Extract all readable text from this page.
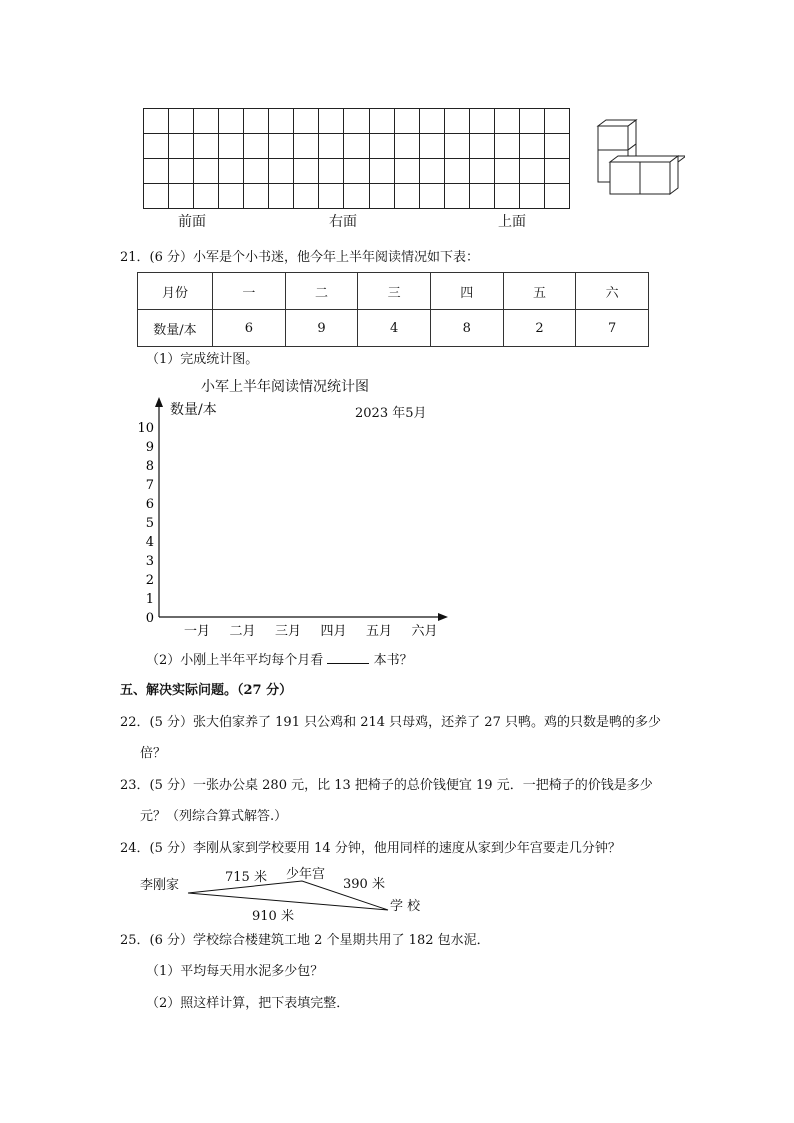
前面	右面	上面
21．(6 分）小军是个小书迷，他今年上半年阅读情况如下表：
月份	一	二	三	四	五	六
数量/本	6	9	4	8	2	7
（1）完成统计图。
小军上半年阅读情况统计图
数量/本	2023 年5月
0
1
2
3
4
5
6
7
8
9
10
一月 二月 三月 四月 五月 六月
（2）小刚上半年平均每个月看	本书？
五、解决实际问题。（27 分）
22．(5 分）张大伯家养了 191 只公鸡和 214 只母鸡，还养了 27 只鸭。鸡的只数是鸭的多少
倍？
23．(5 分）一张办公桌 280 元，比 13 把椅子的总价钱便宜 19 元．一把椅子的价钱是多少
元？（列综合算式解答.）
24．(5 分）李刚从家到学校要用 14 分钟，他用同样的速度从家到少年宫要走几分钟？
李刚家
少年宫
学 校
715 米	390 米
910 米
25．(6 分）学校综合楼建筑工地 2 个星期共用了 182 包水泥．
（1）平均每天用水泥多少包？
（2）照这样计算，把下表填完整．
